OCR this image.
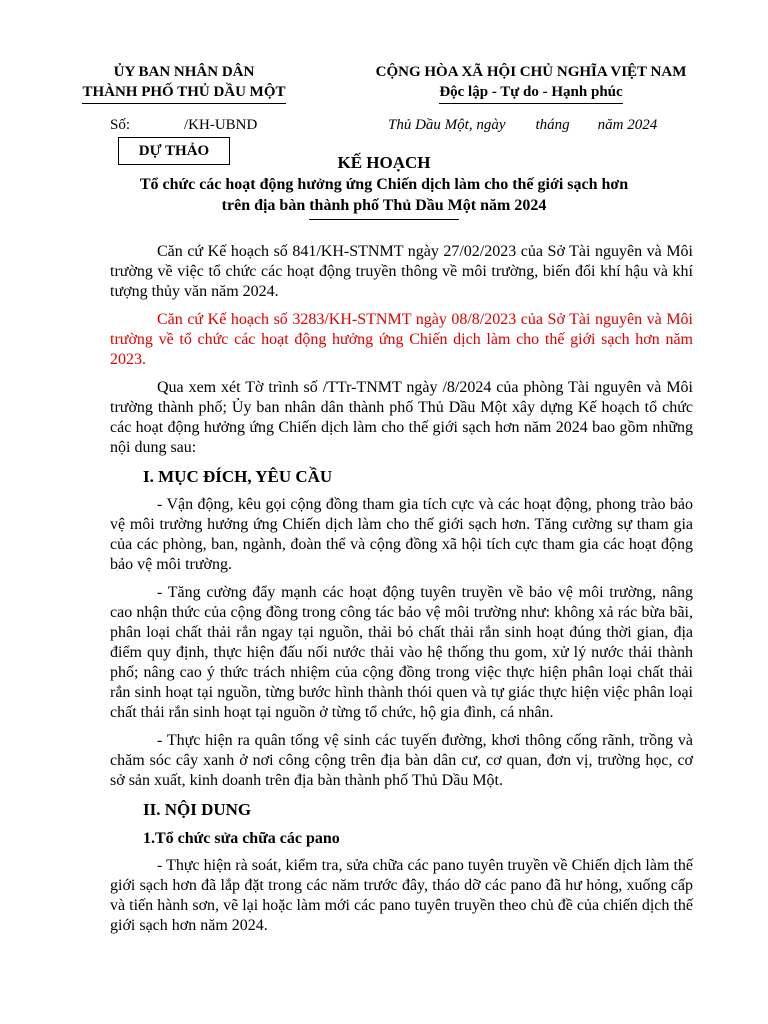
ỦY BAN NHÂN DÂN
THÀNH PHỐ THỦ DẦU MỘT
CỘNG HÒA XÃ HỘI CHỦ NGHĨA VIỆT NAM
Độc lập - Tự do - Hạnh phúc
Số:	/KH-UBND	Thủ Dầu Một, ngày tháng năm 2024
DỰ THẢO
KẾ HOẠCH
Tổ chức các hoạt động hưởng ứng Chiến dịch làm cho thế giới sạch hơn
trên địa bàn thành phố Thủ Dầu Một năm 2024

Căn cứ Kế hoạch số 841/KH-STNMT ngày 27/02/2023 của Sở Tài nguyên và Môi trường về việc tổ chức các hoạt động truyền thông về môi trường, biến đổi khí hậu và khí tượng thủy văn năm 2024.

Căn cứ Kế hoạch số 3283/KH-STNMT ngày 08/8/2023 của Sở Tài nguyên và Môi trường về tổ chức các hoạt động hưởng ứng Chiến dịch làm cho thế giới sạch hơn năm 2023.

Qua xem xét Tờ trình số /TTr-TNMT ngày /8/2024 của phòng Tài nguyên và Môi trường thành phố; Ủy ban nhân dân thành phố Thủ Dầu Một xây dựng Kế hoạch tổ chức các hoạt động hưởng ứng Chiến dịch làm cho thế giới sạch hơn năm 2024 bao gồm những nội dung sau:

I. MỤC ĐÍCH, YÊU CẦU

- Vận động, kêu gọi cộng đồng tham gia tích cực và các hoạt động, phong trào bảo vệ môi trường hưởng ứng Chiến dịch làm cho thế giới sạch hơn. Tăng cường sự tham gia của các phòng, ban, ngành, đoàn thể và cộng đồng xã hội tích cực tham gia các hoạt động bảo vệ môi trường.

- Tăng cường đẩy mạnh các hoạt động tuyên truyền về bảo vệ môi trường, nâng cao nhận thức của cộng đồng trong công tác bảo vệ môi trường như: không xả rác bừa bãi, phân loại chất thải rắn ngay tại nguồn, thải bỏ chất thải rắn sinh hoạt đúng thời gian, địa điểm quy định, thực hiện đấu nối nước thải vào hệ thống thu gom, xử lý nước thải thành phố; nâng cao ý thức trách nhiệm của cộng đồng trong việc thực hiện phân loại chất thải rắn sinh hoạt tại nguồn, từng bước hình thành thói quen và tự giác thực hiện việc phân loại chất thải rắn sinh hoạt tại nguồn ở từng tổ chức, hộ gia đình, cá nhân.

- Thực hiện ra quân tổng vệ sinh các tuyến đường, khơi thông cống rãnh, trồng và chăm sóc cây xanh ở nơi công cộng trên địa bàn dân cư, cơ quan, đơn vị, trường học, cơ sở sản xuất, kinh doanh trên địa bàn thành phố Thủ Dầu Một.

II. NỘI DUNG
1.Tổ chức sửa chữa các pano

- Thực hiện rà soát, kiểm tra, sửa chữa các pano tuyên truyền về Chiến dịch làm thế giới sạch hơn đã lắp đặt trong các năm trước đây, tháo dỡ các pano đã hư hỏng, xuống cấp và tiến hành sơn, vẽ lại hoặc làm mới các pano tuyên truyền theo chủ đề của chiến dịch thế giới sạch hơn năm 2024.
